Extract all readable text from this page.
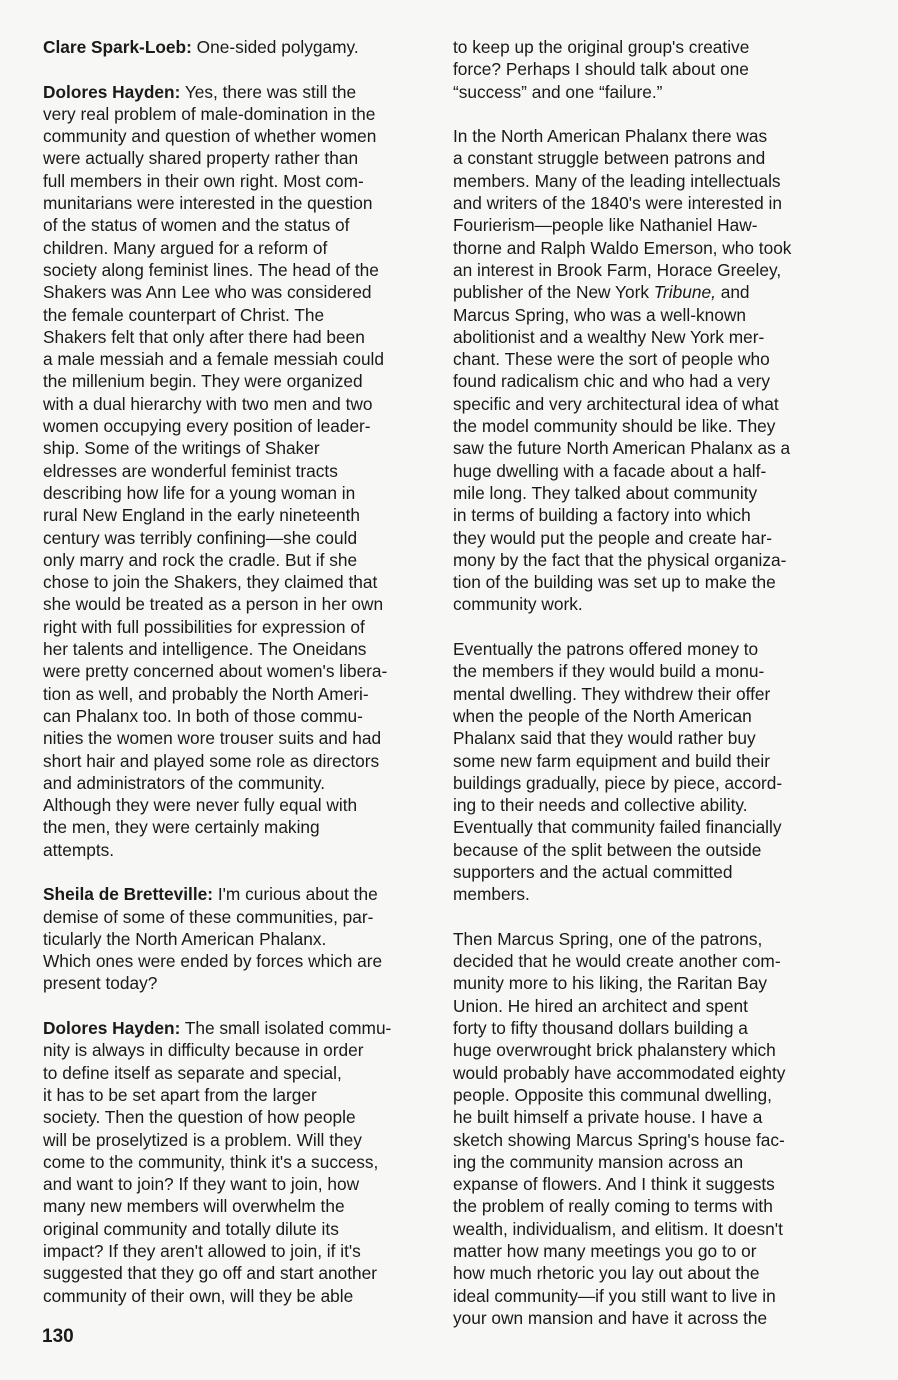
Clare Spark-Loeb: One-sided polygamy.
Dolores Hayden: Yes, there was still the
very real problem of male-domination in the
community and question of whether women
were actually shared property rather than
full members in their own right. Most com-
munitarians were interested in the question
of the status of women and the status of
children. Many argued for a reform of
society along feminist lines. The head of the
Shakers was Ann Lee who was considered
the female counterpart of Christ. The
Shakers felt that only after there had been
a male messiah and a female messiah could
the millenium begin. They were organized
with a dual hierarchy with two men and two
women occupying every position of leader-
ship. Some of the writings of Shaker
eldresses are wonderful feminist tracts
describing how life for a young woman in
rural New England in the early nineteenth
century was terribly confining—she could
only marry and rock the cradle. But if she
chose to join the Shakers, they claimed that
she would be treated as a person in her own
right with full possibilities for expression of
her talents and intelligence. The Oneidans
were pretty concerned about women's libera-
tion as well, and probably the North Ameri-
can Phalanx too. In both of those commu-
nities the women wore trouser suits and had
short hair and played some role as directors
and administrators of the community.
Although they were never fully equal with
the men, they were certainly making
attempts.
Sheila de Bretteville: I'm curious about the
demise of some of these communities, par-
ticularly the North American Phalanx.
Which ones were ended by forces which are
present today?
Dolores Hayden: The small isolated commu-
nity is always in difficulty because in order
to define itself as separate and special,
it has to be set apart from the larger
society. Then the question of how people
will be proselytized is a problem. Will they
come to the community, think it's a success,
and want to join? If they want to join, how
many new members will overwhelm the
original community and totally dilute its
impact? If they aren't allowed to join, if it's
suggested that they go off and start another
community of their own, will they be able
to keep up the original group's creative
force? Perhaps I should talk about one
“success” and one “failure.”
In the North American Phalanx there was
a constant struggle between patrons and
members. Many of the leading intellectuals
and writers of the 1840's were interested in
Fourierism—people like Nathaniel Haw-
thorne and Ralph Waldo Emerson, who took
an interest in Brook Farm, Horace Greeley,
publisher of the New York Tribune, and
Marcus Spring, who was a well-known
abolitionist and a wealthy New York mer-
chant. These were the sort of people who
found radicalism chic and who had a very
specific and very architectural idea of what
the model community should be like. They
saw the future North American Phalanx as a
huge dwelling with a facade about a half-
mile long. They talked about community
in terms of building a factory into which
they would put the people and create har-
mony by the fact that the physical organiza-
tion of the building was set up to make the
community work.
Eventually the patrons offered money to
the members if they would build a monu-
mental dwelling. They withdrew their offer
when the people of the North American
Phalanx said that they would rather buy
some new farm equipment and build their
buildings gradually, piece by piece, accord-
ing to their needs and collective ability.
Eventually that community failed financially
because of the split between the outside
supporters and the actual committed
members.
Then Marcus Spring, one of the patrons,
decided that he would create another com-
munity more to his liking, the Raritan Bay
Union. He hired an architect and spent
forty to fifty thousand dollars building a
huge overwrought brick phalanstery which
would probably have accommodated eighty
people. Opposite this communal dwelling,
he built himself a private house. I have a
sketch showing Marcus Spring's house fac-
ing the community mansion across an
expanse of flowers. And I think it suggests
the problem of really coming to terms with
wealth, individualism, and elitism. It doesn't
matter how many meetings you go to or
how much rhetoric you lay out about the
ideal community—if you still want to live in
your own mansion and have it across the
130
